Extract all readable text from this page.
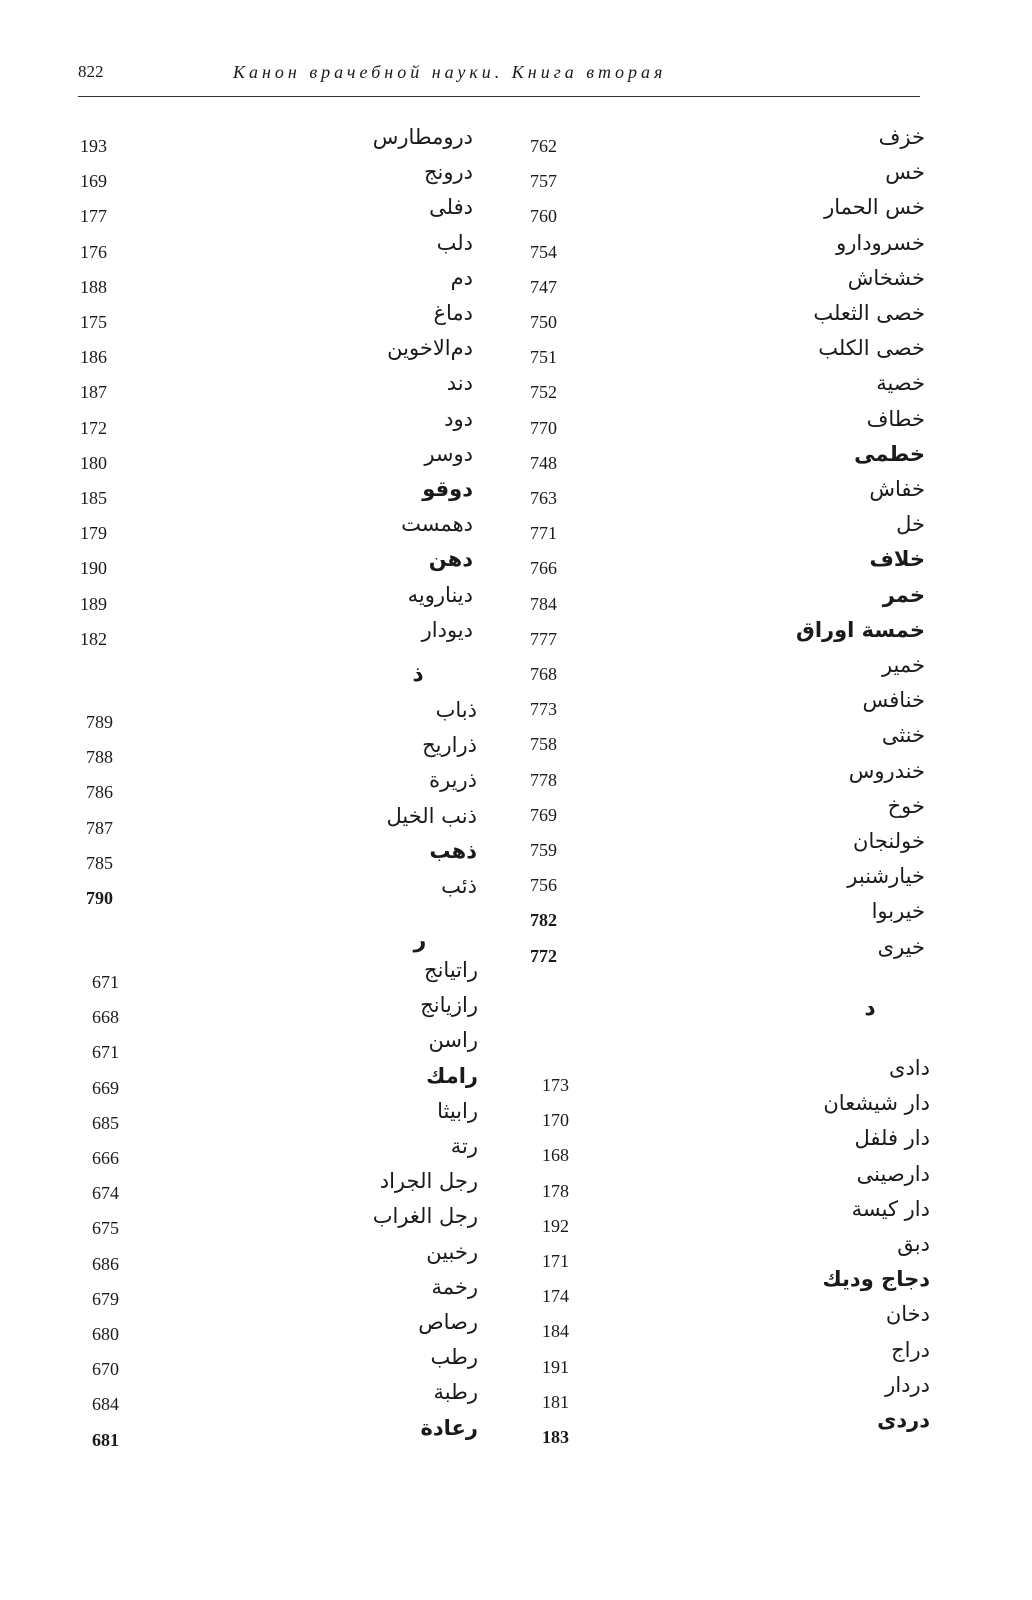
822	Канон врачебной науки. Книга вторая
خزف
خس
خس الحمار
خسرودارو
خشخاش
خصى الثعلب
خصى الكلب
خصية
خطاف
خطمى
خفاش
خل
خلاف
خمر
خمسة اوراق
خمير
خنافس
خنثى
خندروس
خوخ
خولنجان
خيارشنبر
خيربوا
خيرى
762
757
760
754
747
750
751
752
770
748
763
771
766
784
777
768
773
758
778
769
759
756
782
772
د
دادى
دار شيشعان
دار فلفل
دارصينى
دار كيسة
دبق
دجاج وديك
دخان
دراج
دردار
دردى
173
170
168
178
192
171
174
184
191
181
183
درومطارس
درونج
دفلى
دلب
دم
دماغ
دم‌الاخوين
دند
دود
دوسر
دوقو
دهمست
دهن
دينارويه
ديودار
193
169
177
176
188
175
186
187
172
180
185
179
190
189
182
ذ
ذباب
ذراريح
ذريرة
ذنب الخيل
ذهب
ذئب
789
788
786
787
785
790
ر
راتيانج
رازيانج
راسن
رامك
رابيثا
رتة
رجل الجراد
رجل الغراب
رخبين
رخمة
رصاص
رطب
رطبة
رعادة
671
668
671
669
685
666
674
675
686
679
680
670
684
681
